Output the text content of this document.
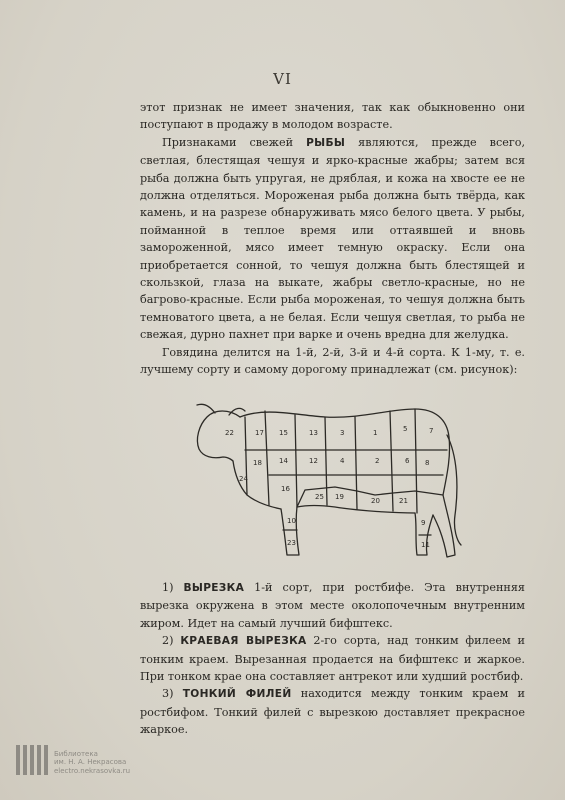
VI

этот признак не имеет значения, так как обыкновенно они поступают в продажу в молодом возрасте.

Признаками свежей РЫБЫ являются, прежде всего, светлая, блестящая чешуя и ярко-красные жабры; затем вся рыба должна быть упругая, не дряблая, и кожа на хвосте ее не должна отделяться. Мороженая рыба должна быть твёрда, как камень, и на разрезе обнаруживать мясо белого цвета. У рыбы, пойманной в теплое время или оттаявшей и вновь замороженной, мясо имеет темную окраску. Если она приобретается сонной, то чешуя должна быть блестящей и скользкой, глаза на выкате, жабры светло-красные, но не багрово-красные. Если рыба мороженая, то чешуя должна быть темноватого цвета, а не белая. Если чешуя светлая, то рыба не свежая, дурно пахнет при варке и очень вредна для желудка.

Говядина делится на 1-й, 2-й, 3-й и 4-й сорта. К 1-му, т. е. лучшему сорту и самому дорогому принадлежат (см. рисунок):

7
8
5
6
1
2
3
4
13
12
15
14
16
17
18
19	20	21
9
10
23	11
22
24
25

1) ВЫРЕЗКА 1-й сорт, при ростбифе. Эта внутренняя вырезка окружена в этом месте околопочечным внутренним жиром. Идет на самый лучший бифштекс.

2) КРАЕВАЯ ВЫРЕЗКА 2-го сорта, над тонким филеем и тонким краем. Вырезанная продается на бифштекс и жаркое. При тонком крае она составляет антрекот или худший ростбиф.

3) ТОНКИЙ ФИЛЕЙ находится между тонким краем и ростбифом. Тонкий филей с вырезкою доставляет прекрасное жаркое.

Библиотека
им. Н. А. Некрасова
electro.nekrasovka.ru
